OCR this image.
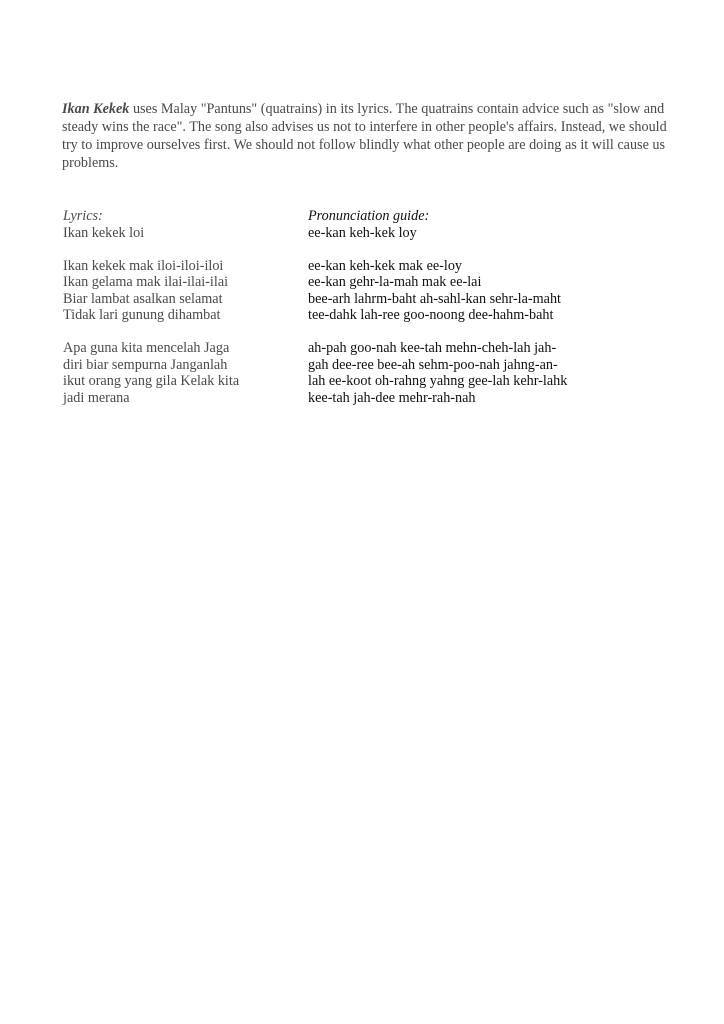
Ikan Kekek uses Malay "Pantuns" (quatrains) in its lyrics. The quatrains contain advice such as "slow and steady wins the race". The song also advises us not to interfere in other people's affairs. Instead, we should try to improve ourselves first. We should not follow blindly what other people are doing as it will cause us problems.

Lyrics:
Ikan kekek loi
Ikan kekek mak iloi-iloi-iloi
Ikan gelama mak ilai-ilai-ilai
Biar lambat asalkan selamat
Tidak lari gunung dihambat
Apa guna kita mencelah Jaga
diri biar sempurna Janganlah
ikut orang yang gila Kelak kita
jadi merana
Pronunciation guide:
ee-kan keh-kek loy
ee-kan keh-kek mak ee-loy
ee-kan gehr-la-mah mak ee-lai
bee-arh lahrm-baht ah-sahl-kan sehr-la-maht
tee-dahk lah-ree goo-noong dee-hahm-baht
ah-pah goo-nah kee-tah mehn-cheh-lah jah-
gah dee-ree bee-ah sehm-poo-nah jahng-an-
lah ee-koot oh-rahng yahng gee-lah kehr-lahk
kee-tah jah-dee mehr-rah-nah
